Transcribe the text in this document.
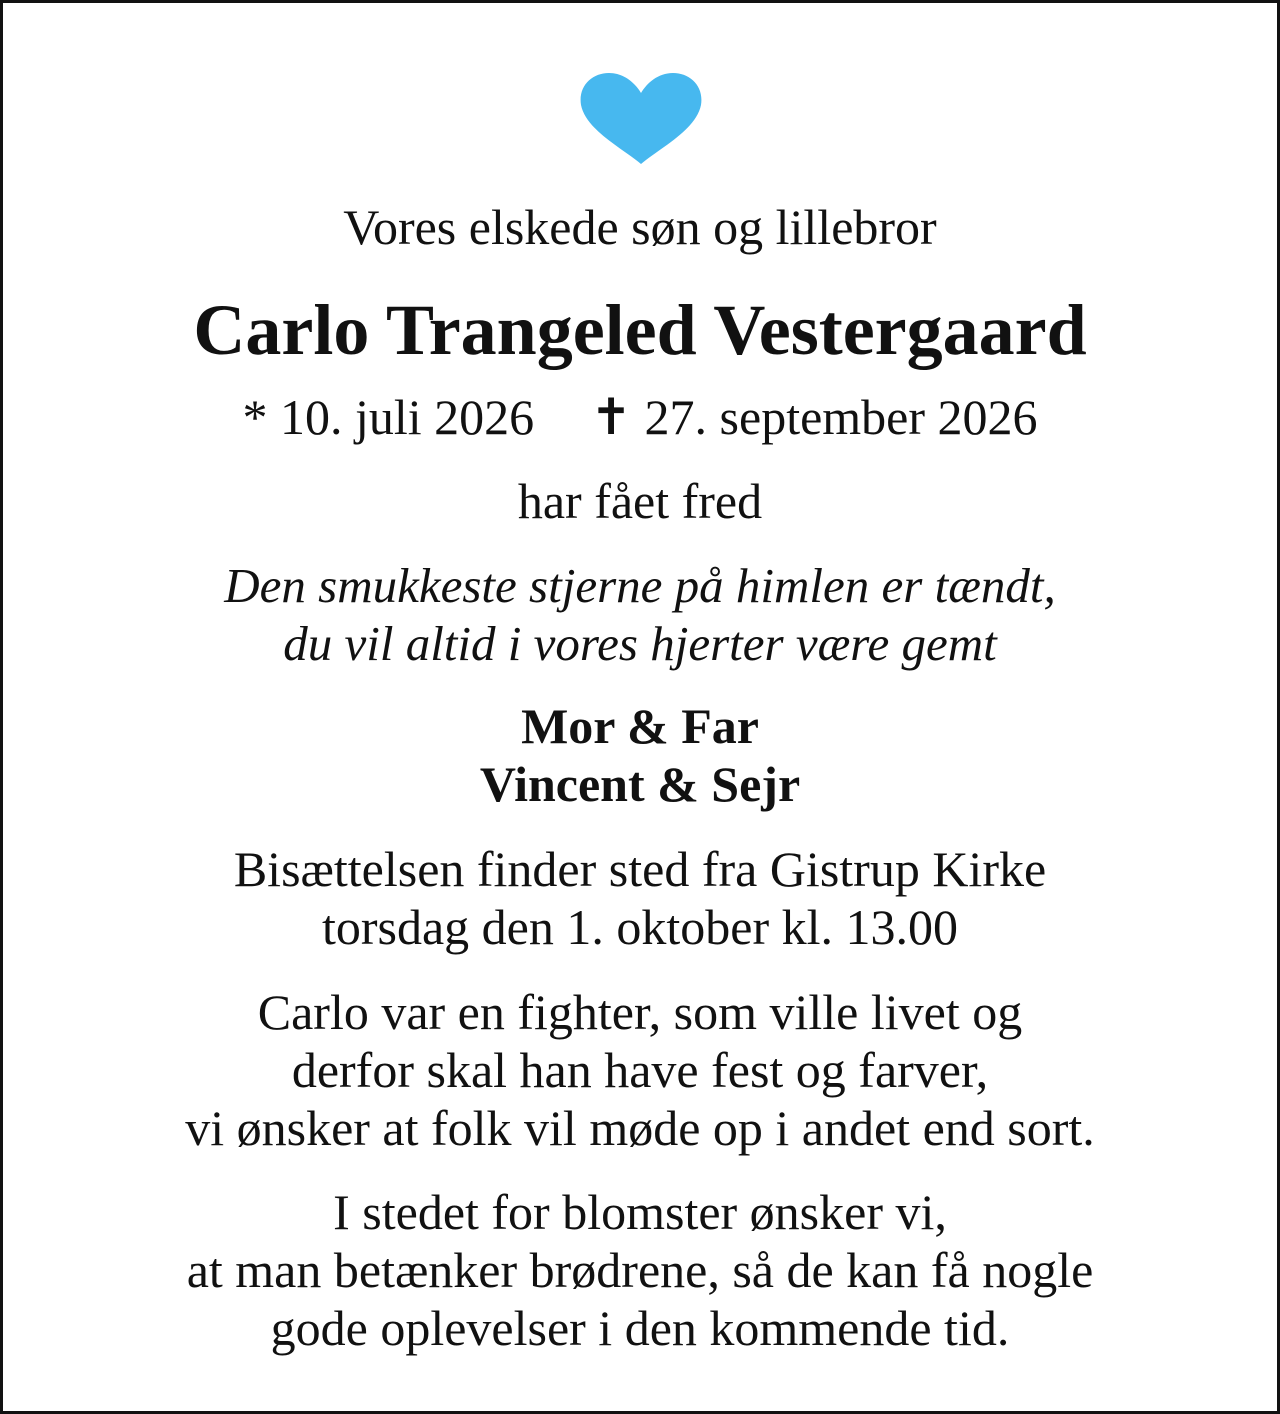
Vores elskede søn og lillebror
Carlo Trangeled Vestergaard
* 10. juli 2026 ✝ 27. september 2026
har fået fred
Den smukkeste stjerne på himlen er tændt,
du vil altid i vores hjerter være gemt
Mor & Far
Vincent & Sejr
Bisættelsen finder sted fra Gistrup Kirke
torsdag den 1. oktober kl. 13.00
Carlo var en fighter, som ville livet og
derfor skal han have fest og farver,
vi ønsker at folk vil møde op i andet end sort.
I stedet for blomster ønsker vi,
at man betænker brødrene, så de kan få nogle
gode oplevelser i den kommende tid.
